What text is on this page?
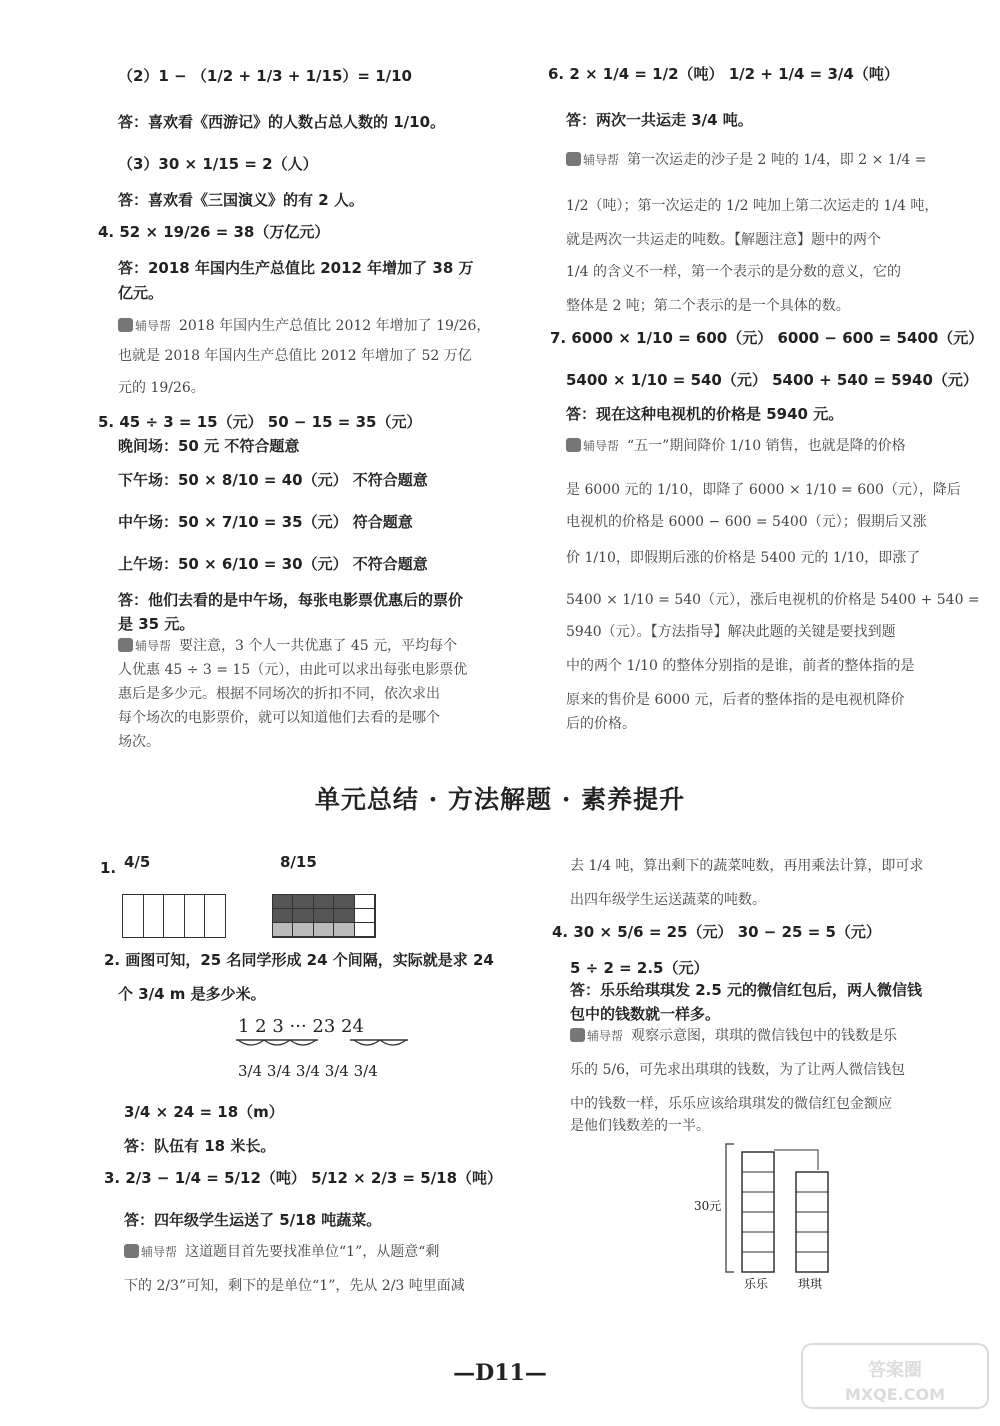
（2）1 − （1/2 + 1/3 + 1/15）= 1/10
答：喜欢看《西游记》的人数占总人数的 1/10。
（3）30 × 1/15 = 2（人）
答：喜欢看《三国演义》的有 2 人。
4. 52 × 19/26 = 38（万亿元）
答：2018 年国内生产总值比 2012 年增加了 38 万
亿元。
辅导帮 2018 年国内生产总值比 2012 年增加了 19/26，
也就是 2018 年国内生产总值比 2012 年增加了 52 万亿
元的 19/26。
5. 45 ÷ 3 = 15（元） 50 − 15 = 35（元）
晚间场：50 元 不符合题意
下午场：50 × 8/10 = 40（元） 不符合题意
中午场：50 × 7/10 = 35（元） 符合题意
上午场：50 × 6/10 = 30（元） 不符合题意
答：他们去看的是中午场，每张电影票优惠后的票价
是 35 元。
辅导帮 要注意，3 个人一共优惠了 45 元，平均每个
人优惠 45 ÷ 3 = 15（元），由此可以求出每张电影票优
惠后是多少元。根据不同场次的折扣不同，依次求出
每个场次的电影票价，就可以知道他们去看的是哪个
场次。
6. 2 × 1/4 = 1/2（吨） 1/2 + 1/4 = 3/4（吨）
答：两次一共运走 3/4 吨。
辅导帮 第一次运走的沙子是 2 吨的 1/4，即 2 × 1/4 =
1/2（吨）；第一次运走的 1/2 吨加上第二次运走的 1/4 吨，
就是两次一共运走的吨数。【解题注意】题中的两个
1/4 的含义不一样，第一个表示的是分数的意义，它的
整体是 2 吨；第二个表示的是一个具体的数。
7. 6000 × 1/10 = 600（元） 6000 − 600 = 5400（元）
5400 × 1/10 = 540（元） 5400 + 540 = 5940（元）
答：现在这种电视机的价格是 5940 元。
辅导帮 “五一”期间降价 1/10 销售，也就是降的价格
是 6000 元的 1/10，即降了 6000 × 1/10 = 600（元），降后
电视机的价格是 6000 − 600 = 5400（元）；假期后又涨
价 1/10，即假期后涨的价格是 5400 元的 1/10，即涨了
5400 × 1/10 = 540（元），涨后电视机的价格是 5400 + 540 =
5940（元）。【方法指导】解决此题的关键是要找到题
中的两个 1/10 的整体分别指的是谁，前者的整体指的是
原来的售价是 6000 元，后者的整体指的是电视机降价
后的价格。
单元总结 · 方法解题 · 素养提升
1. 4/5	8/15
2. 画图可知，25 名同学形成 24 个间隔，实际就是求 24
个 3/4 m 是多少米。
1 2 3 ··· 23 24
3/4 3/4 3/4 3/4 3/4
3/4 × 24 = 18（m）
答：队伍有 18 米长。
3. 2/3 − 1/4 = 5/12（吨） 5/12 × 2/3 = 5/18（吨）
答：四年级学生运送了 5/18 吨蔬菜。
辅导帮 这道题目首先要找准单位“1”，从题意“剩
下的 2/3”可知，剩下的是单位“1”，先从 2/3 吨里面减
去 1/4 吨，算出剩下的蔬菜吨数，再用乘法计算，即可求
出四年级学生运送蔬菜的吨数。
4. 30 × 5/6 = 25（元） 30 − 25 = 5（元）
5 ÷ 2 = 2.5（元）
答：乐乐给琪琪发 2.5 元的微信红包后，两人微信钱
包中的钱数就一样多。
辅导帮 观察示意图，琪琪的微信钱包中的钱数是乐
乐的 5/6，可先求出琪琪的钱数，为了让两人微信钱包
中的钱数一样，乐乐应该给琪琪发的微信红包金额应
是他们钱数差的一半。
30元
乐乐 琪琪
—D11—	答案圈
MXQE.COM
